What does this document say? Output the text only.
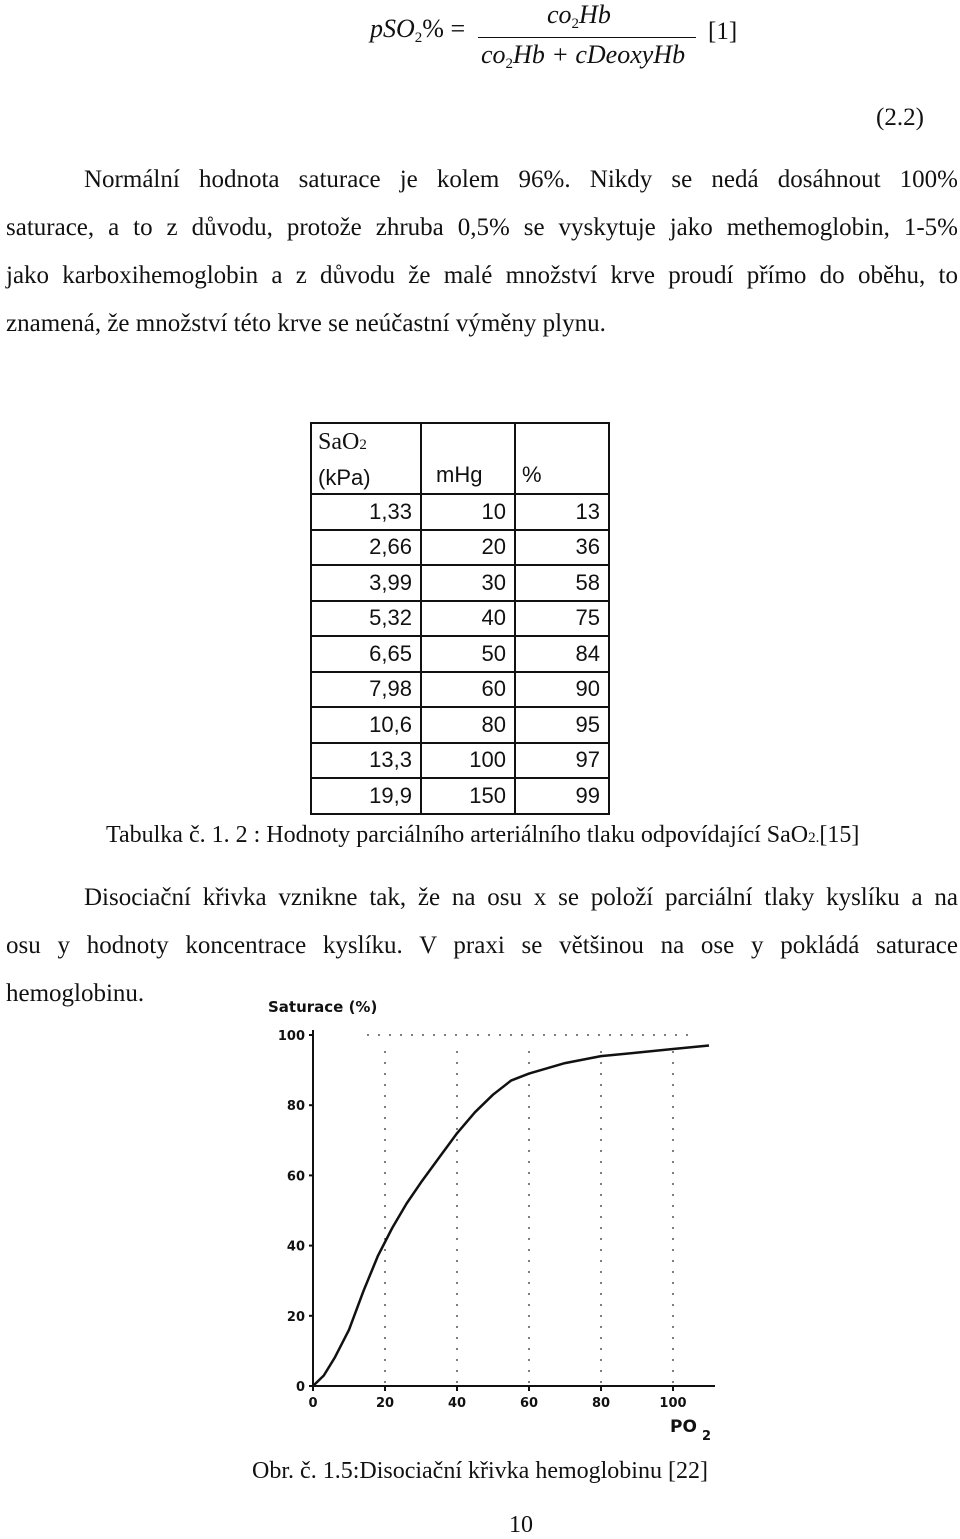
pSO$_2$% =	$co_2Hb$
$co_2Hb$ + cDeoxyHb
[1]
(2.2)
Normální hodnota saturace je kolem 96%. Nikdy se nedá dosáhnout 100%
saturace, a to z důvodu, protože zhruba 0,5% se vyskytuje jako methemoglobin, 1-5%
jako karboxihemoglobin a z důvodu že malé množství krve proudí přímo do oběhu, to
znamená, že množství této krve se neúčastní výměny plynu.
SaO2
(kPa)	mHg	%

1,33	10	13
2,66	20	36
3,99	30	58
5,32	40	75
6,65	50	84
7,98	60	90
10,6	80	95
13,3	100	97
19,9	150	99
Tabulka č. 1. 2 : Hodnoty parciálního arteriálního tlaku odpovídající SaO2.[15]
Disociační křivka vznikne tak, že na osu x se položí parciální tlaky kyslíku a na
osu y hodnoty koncentrace kyslíku. V praxi se většinou na ose y pokládá saturace
hemoglobinu.	Saturace (%)
0
20
40
60
80
100
0	20	40	60	80	100
PO 2
Obr. č. 1.5:Disociační křivka hemoglobinu [22]
10
